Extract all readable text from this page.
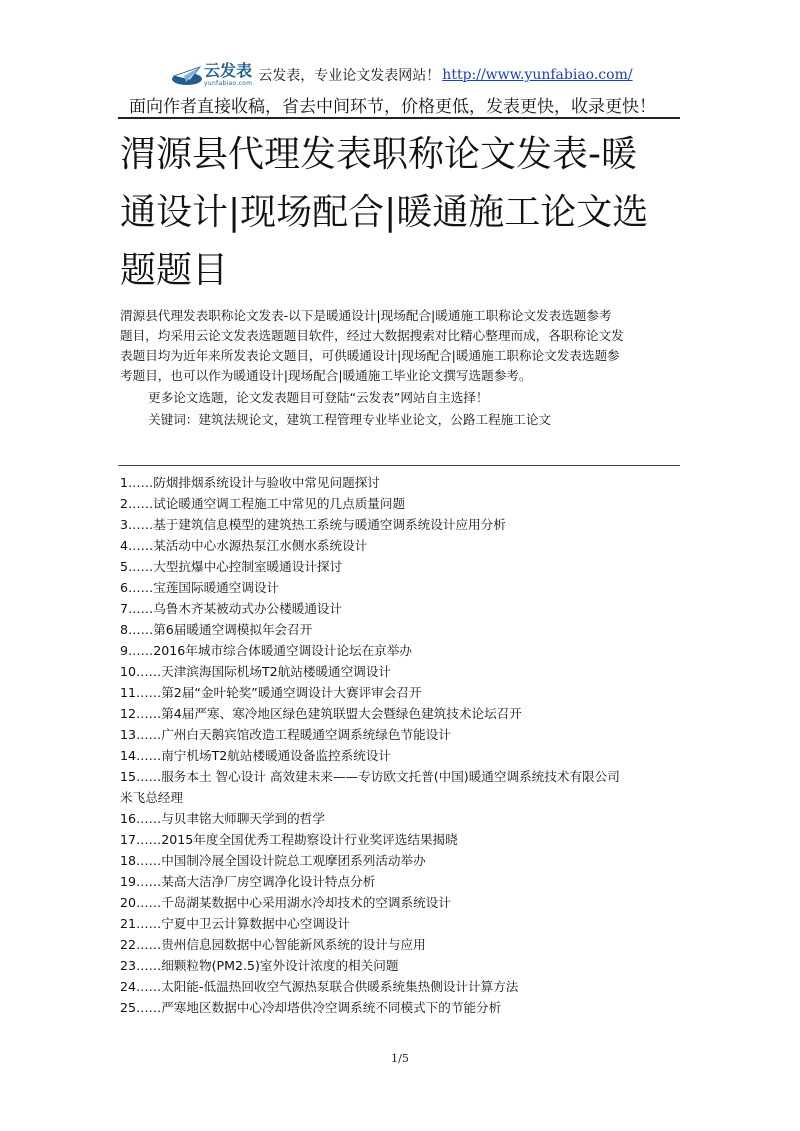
云发表
yunfabiao.com 云发表，专业论文发表网站！ http://www.yunfabiao.com/
面向作者直接收稿，省去中间环节，价格更低，发表更快，收录更快！
渭源县代理发表职称论文发表-暖
通设计|现场配合|暖通施工论文选
题题目
渭源县代理发表职称论文发表-以下是暖通设计|现场配合|暖通施工职称论文发表选题参考
题目，均采用云论文发表选题题目软件，经过大数据搜索对比精心整理而成，各职称论文发
表题目均为近年来所发表论文题目，可供暖通设计|现场配合|暖通施工职称论文发表选题参
考题目，也可以作为暖通设计|现场配合|暖通施工毕业论文撰写选题参考。
更多论文选题，论文发表题目可登陆“云发表”网站自主选择！
关键词：建筑法规论文，建筑工程管理专业毕业论文，公路工程施工论文
1……防烟排烟系统设计与验收中常见问题探讨
2……试论暖通空调工程施工中常见的几点质量问题
3……基于建筑信息模型的建筑热工系统与暖通空调系统设计应用分析
4……某活动中心水源热泵江水侧水系统设计
5……大型抗爆中心控制室暖通设计探讨
6……宝莲国际暖通空调设计
7……乌鲁木齐某被动式办公楼暖通设计
8……第6届暖通空调模拟年会召开
9……2016年城市综合体暖通空调设计论坛在京举办
10……天津滨海国际机场T2航站楼暖通空调设计
11……第2届“金叶轮奖”暖通空调设计大赛评审会召开
12……第4届严寒、寒冷地区绿色建筑联盟大会暨绿色建筑技术论坛召开
13……广州白天鹅宾馆改造工程暖通空调系统绿色节能设计
14……南宁机场T2航站楼暖通设备监控系统设计
15……服务本土 智心设计 高效建未来——专访欧文托普(中国)暖通空调系统技术有限公司
米飞总经理
16……与贝聿铭大师聊天学到的哲学
17……2015年度全国优秀工程勘察设计行业奖评选结果揭晓
18……中国制冷展全国设计院总工观摩团系列活动举办
19……某高大洁净厂房空调净化设计特点分析
20……千岛湖某数据中心采用湖水冷却技术的空调系统设计
21……宁夏中卫云计算数据中心空调设计
22……贵州信息园数据中心智能新风系统的设计与应用
23……细颗粒物(PM2.5)室外设计浓度的相关问题
24……太阳能-低温热回收空气源热泵联合供暖系统集热侧设计计算方法
25……严寒地区数据中心冷却塔供冷空调系统不同模式下的节能分析
1/5
